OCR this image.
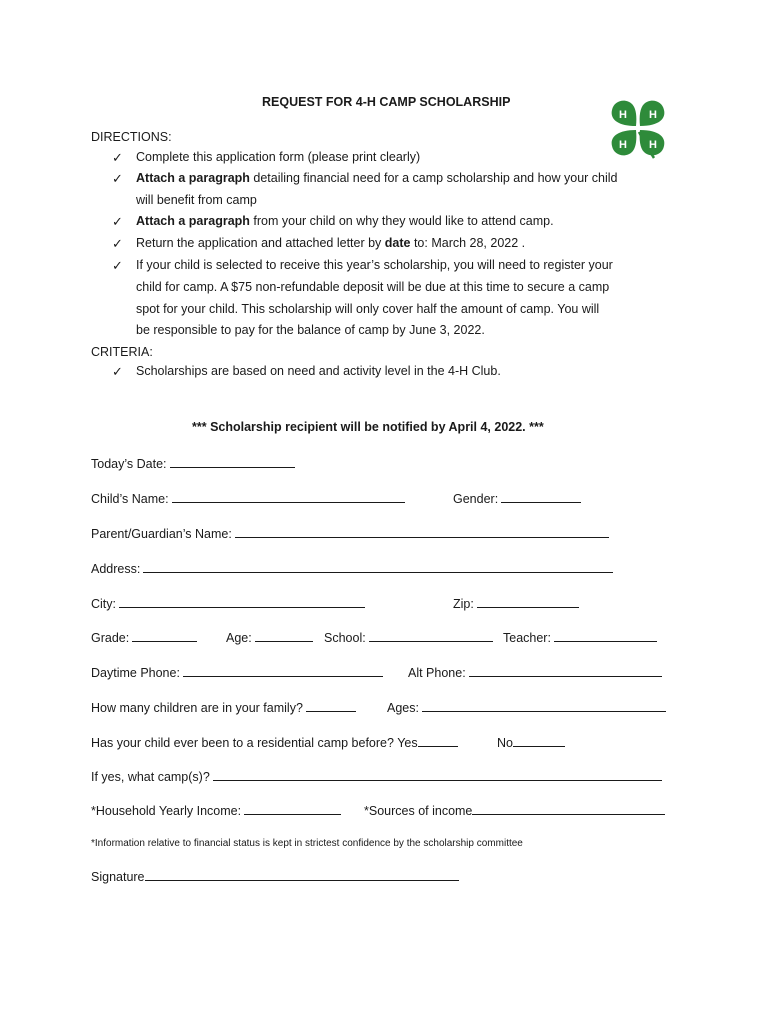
REQUEST FOR 4-H CAMP SCHOLARSHIP
H H
H H
DIRECTIONS:
✓ Complete this application form (please print clearly)
✓ Attach a paragraph detailing financial need for a camp scholarship and how your child
will benefit from camp
✓ Attach a paragraph from your child on why they would like to attend camp.
✓ Return the application and attached letter by date to: March 28, 2022 .
✓ If your child is selected to receive this year’s scholarship, you will need to register your
child for camp. A $75 non-refundable deposit will be due at this time to secure a camp
spot for your child. This scholarship will only cover half the amount of camp. You will
be responsible to pay for the balance of camp by June 3, 2022.
CRITERIA:
✓ Scholarships are based on need and activity level in the 4-H Club.
*** Scholarship recipient will be notified by April 4, 2022. ***
Today’s Date:
Child’s Name:	Gender:
Parent/Guardian’s Name:
Address:
City:	Zip:
Grade:	Age:	School:	Teacher:
Daytime Phone:	Alt Phone:
How many children are in your family?	Ages:
Has your child ever been to a residential camp before? Yes	No
If yes, what camp(s)?
*Household Yearly Income:	*Sources of income
*Information relative to financial status is kept in strictest confidence by the scholarship committee
Signature
